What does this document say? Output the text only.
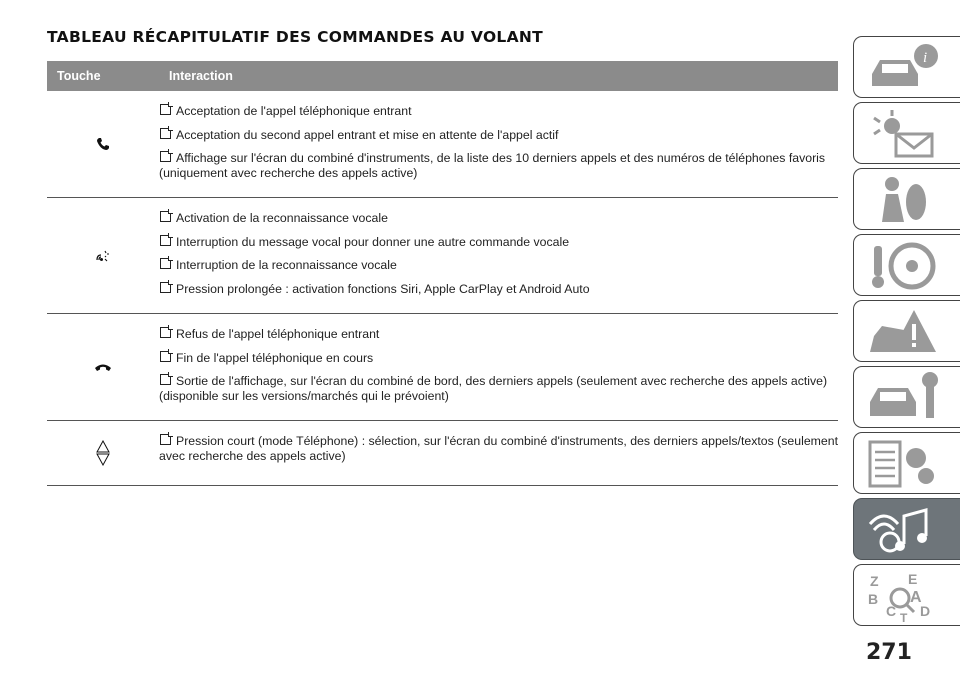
TABLEAU RÉCAPITULATIF DES COMMANDES AU VOLANT
Touche	Interaction

Acceptation de l'appel téléphonique entrant
Acceptation du second appel entrant et mise en attente de l'appel actif
Affichage sur l'écran du combiné d'instruments, de la liste des 10 derniers appels et des numéros de téléphones favoris (uniquement avec recherche des appels active)

Activation de la reconnaissance vocale
Interruption du message vocal pour donner une autre commande vocale
Interruption de la reconnaissance vocale
Pression prolongée : activation fonctions Siri, Apple CarPlay et Android Auto

Refus de l'appel téléphonique entrant
Fin de l'appel téléphonique en cours
Sortie de l'affichage, sur l'écran du combiné de bord, des derniers appels (seulement avec recherche des appels active) (disponible sur les versions/marchés qui le prévoient)

Pression court (mode Téléphone) : sélection, sur l'écran du combiné d'instruments, des derniers appels/textos (seulement avec recherche des appels active)
i
Z E
B A
C D
T
271
